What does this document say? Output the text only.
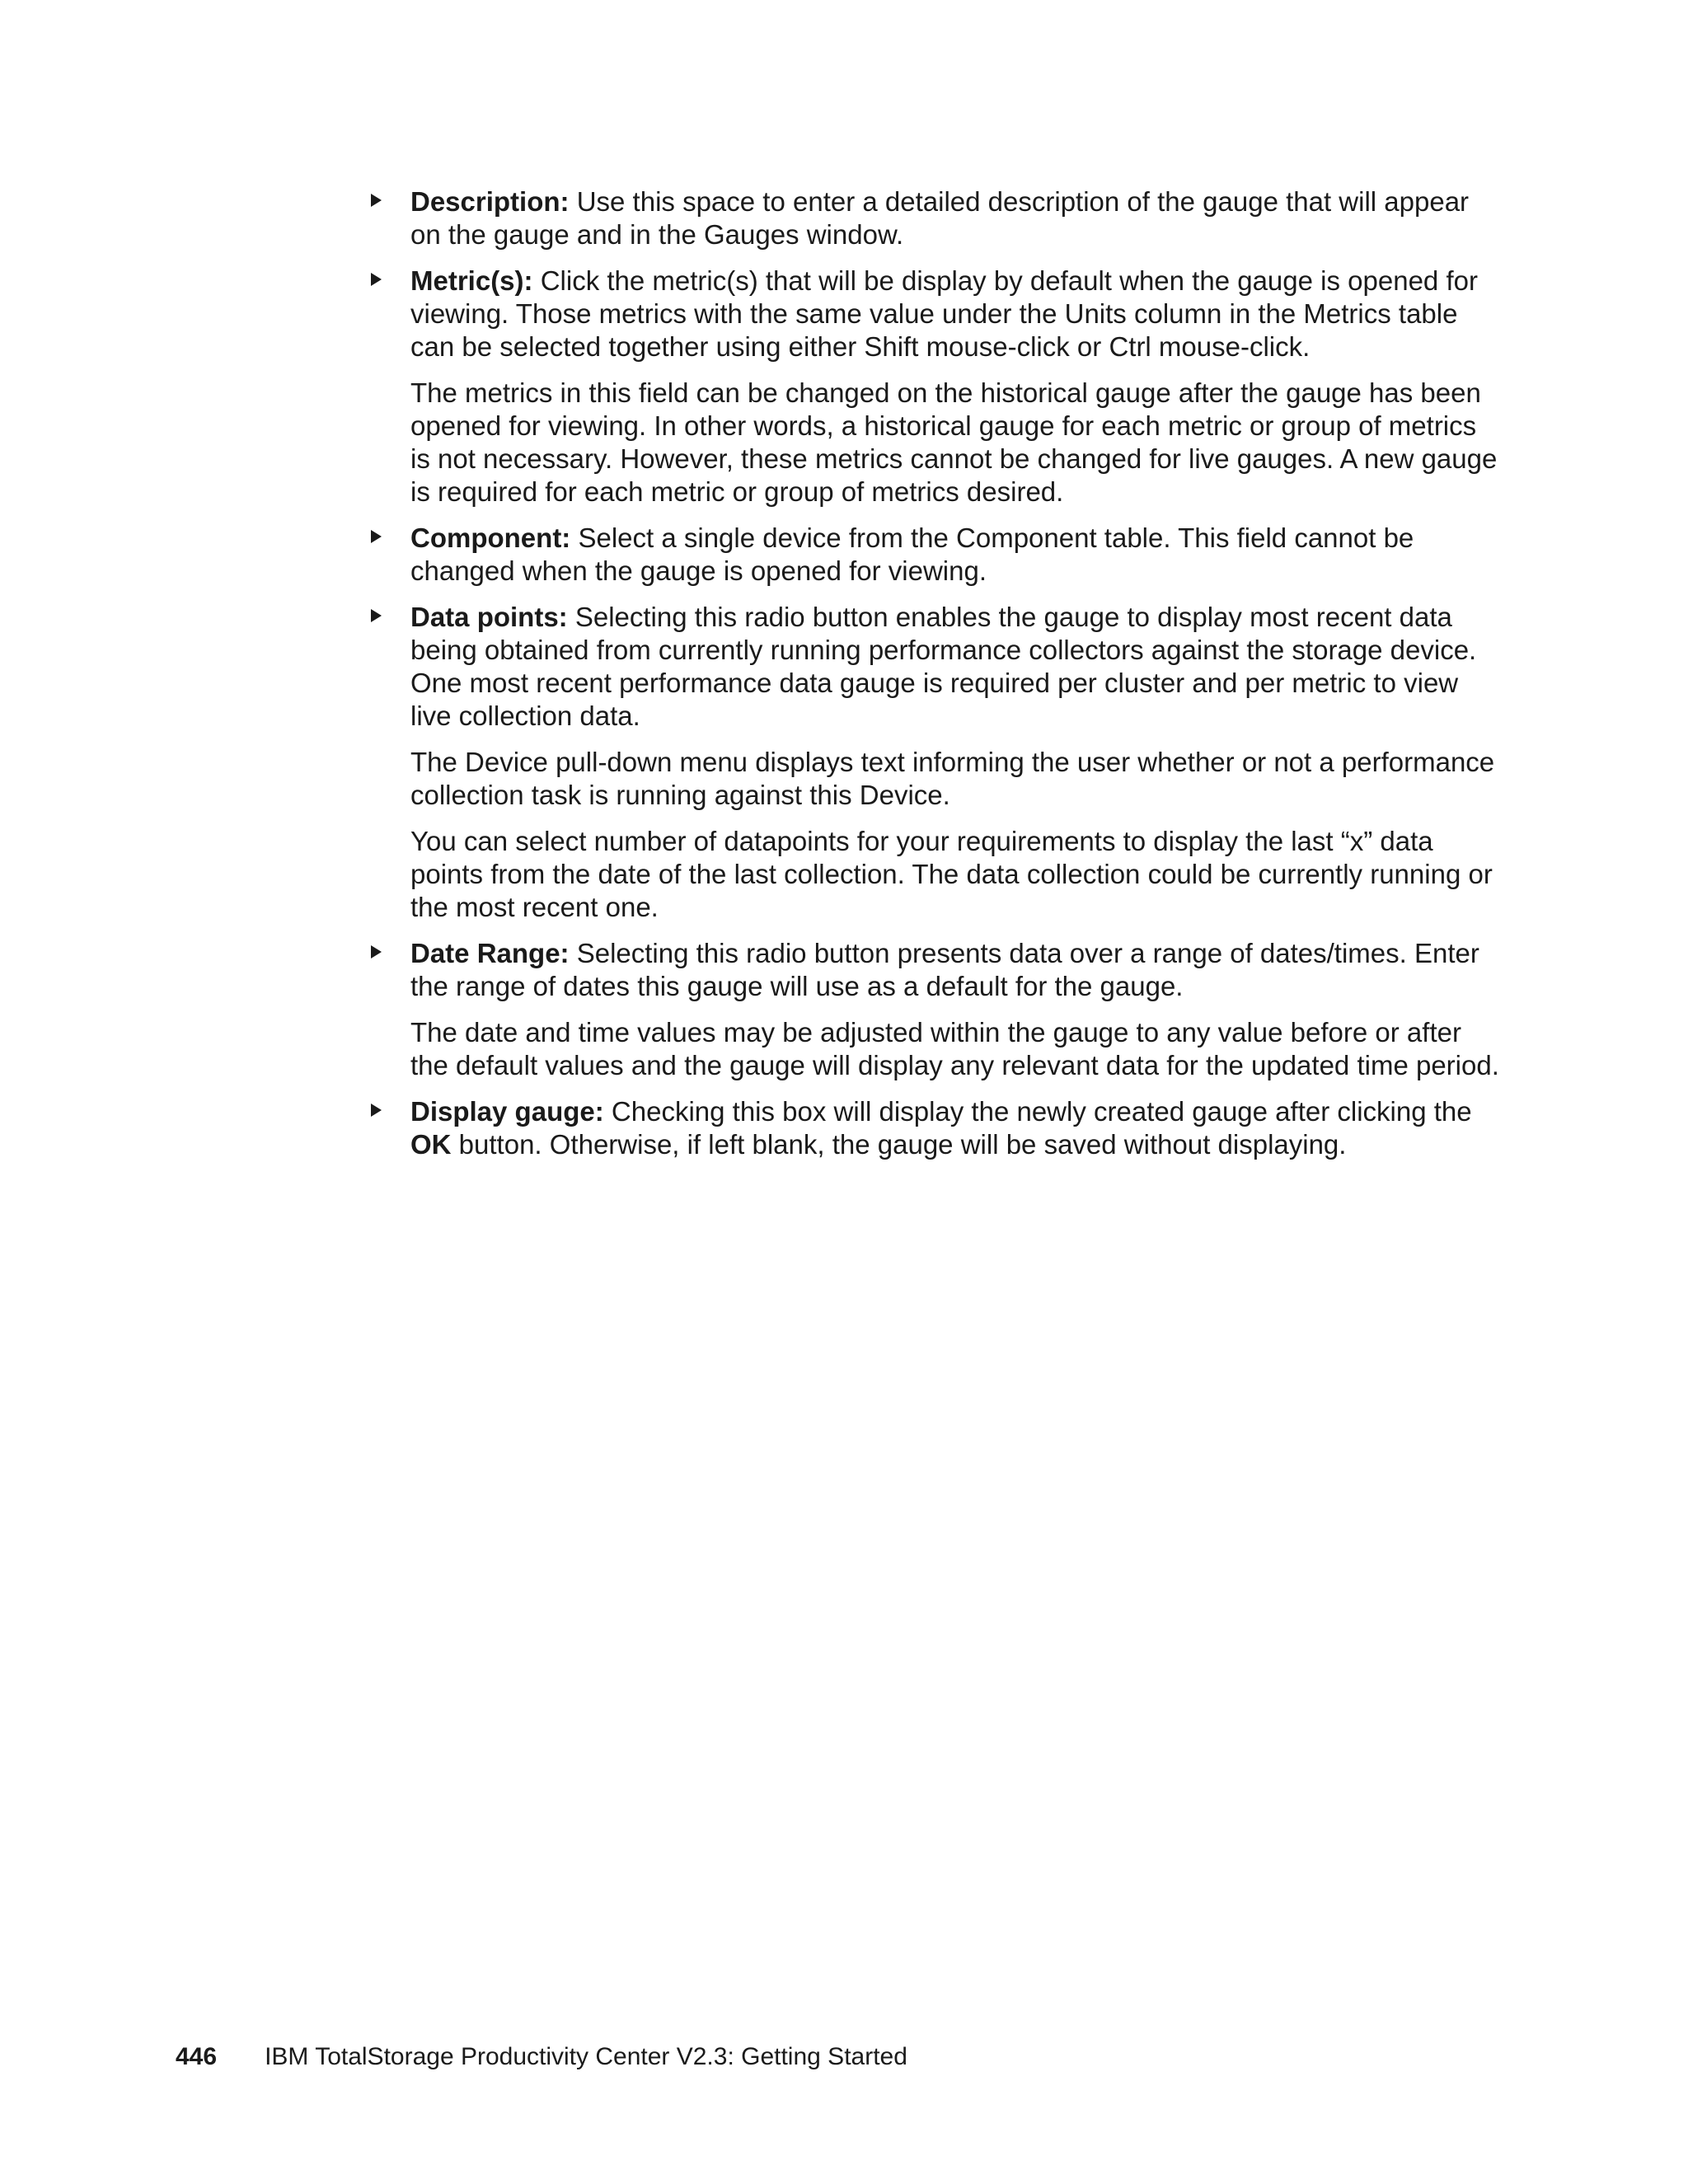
Description: Use this space to enter a detailed description of the gauge that will appear on the gauge and in the Gauges window.

Metric(s): Click the metric(s) that will be display by default when the gauge is opened for viewing. Those metrics with the same value under the Units column in the Metrics table can be selected together using either Shift mouse-click or Ctrl mouse-click.

The metrics in this field can be changed on the historical gauge after the gauge has been opened for viewing. In other words, a historical gauge for each metric or group of metrics is not necessary. However, these metrics cannot be changed for live gauges. A new gauge is required for each metric or group of metrics desired.

Component: Select a single device from the Component table. This field cannot be changed when the gauge is opened for viewing.

Data points: Selecting this radio button enables the gauge to display most recent data being obtained from currently running performance collectors against the storage device. One most recent performance data gauge is required per cluster and per metric to view live collection data.

The Device pull-down menu displays text informing the user whether or not a performance collection task is running against this Device.

You can select number of datapoints for your requirements to display the last “x” data points from the date of the last collection. The data collection could be currently running or the most recent one.

Date Range: Selecting this radio button presents data over a range of dates/times. Enter the range of dates this gauge will use as a default for the gauge.

The date and time values may be adjusted within the gauge to any value before or after the default values and the gauge will display any relevant data for the updated time period.

Display gauge: Checking this box will display the newly created gauge after clicking the OK button. Otherwise, if left blank, the gauge will be saved without displaying.

446 IBM TotalStorage Productivity Center V2.3: Getting Started
